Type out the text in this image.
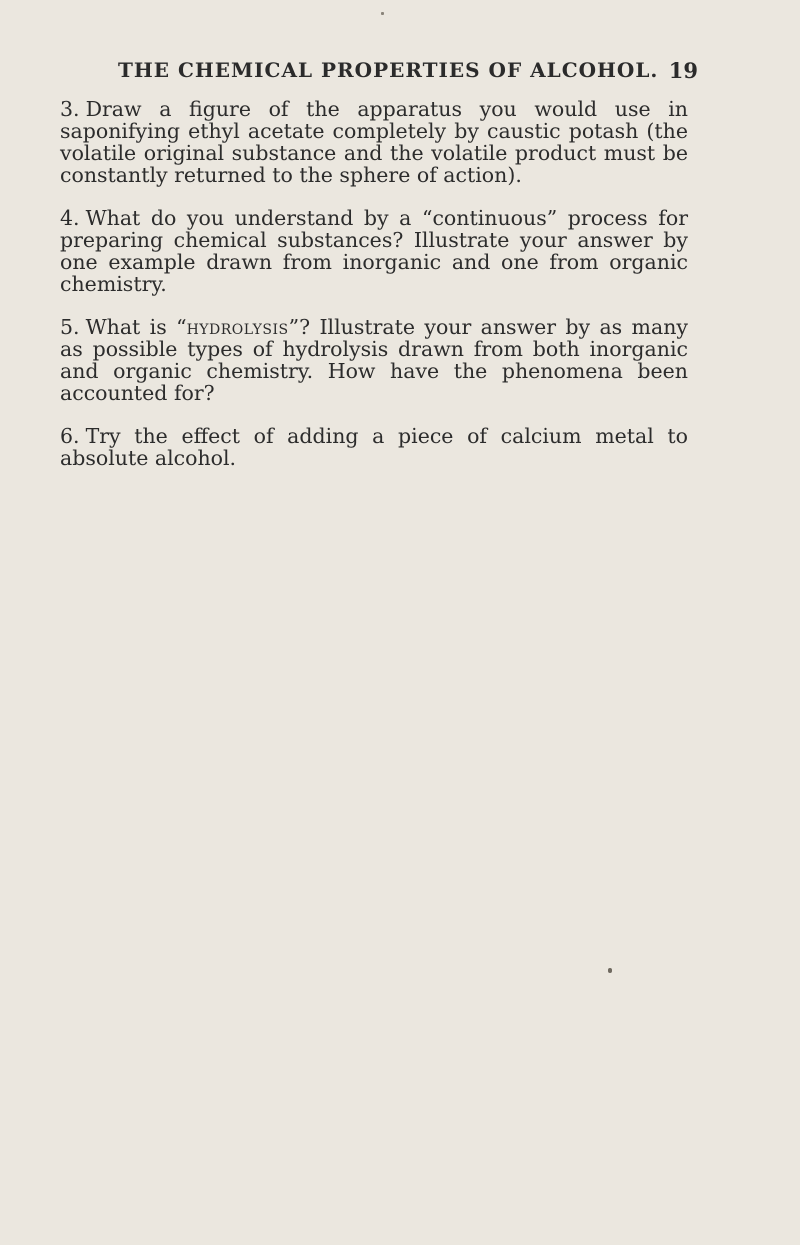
THE CHEMICAL PROPERTIES OF ALCOHOL. 19

3. Draw a figure of the apparatus you would use in saponifying ethyl acetate completely by caustic potash (the volatile original substance and the volatile product must be constantly returned to the sphere of action).

4. What do you understand by a “continuous” process for preparing chemical substances? Illustrate your answer by one example drawn from inorganic and one from organic chemistry.

5. What is “hydrolysis”? Illustrate your answer by as many as possible types of hydrolysis drawn from both inorganic and organic chemistry. How have the phenomena been accounted for?

6. Try the effect of adding a piece of calcium metal to absolute alcohol.
